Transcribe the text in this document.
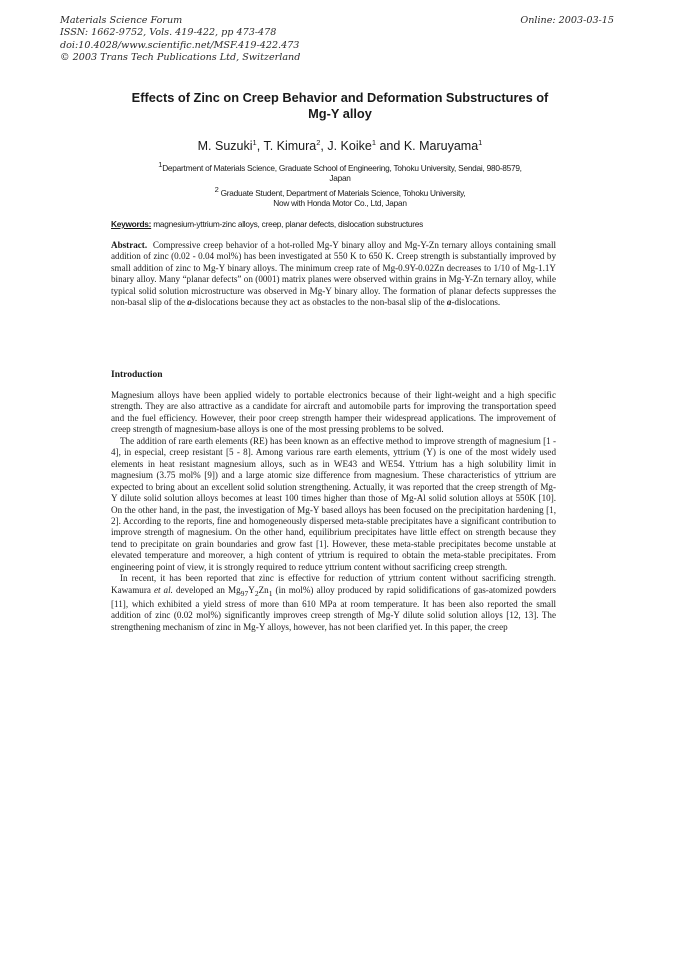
Materials Science Forum
ISSN: 1662-9752, Vols. 419-422, pp 473-478
doi:10.4028/www.scientific.net/MSF.419-422.473
© 2003 Trans Tech Publications Ltd, Switzerland
Online: 2003-03-15
Effects of Zinc on Creep Behavior and Deformation Substructures of
Mg-Y alloy
M. Suzuki$^1$, T. Kimura$^2$, J. Koike$^1$ and K. Maruyama$^1$
$^1$Department of Materials Science, Graduate School of Engineering, Tohoku University, Sendai, 980-8579,
Japan
$^2$ Graduate Student, Department of Materials Science, Tohoku University,
Now with Honda Motor Co., Ltd, Japan
Keywords: magnesium-yttrium-zinc alloys, creep, planar defects, dislocation substructures
Abstract. Compressive creep behavior of a hot-rolled Mg-Y binary alloy and Mg-Y-Zn ternary alloys containing small addition of zinc (0.02 - 0.04 mol%) has been investigated at 550 K to 650 K. Creep strength is substantially improved by small addition of zinc to Mg-Y binary alloys. The minimum creep rate of Mg-0.9Y-0.02Zn decreases to 1/10 of Mg-1.1Y binary alloy. Many “planar defects” on (0001) matrix planes were observed within grains in Mg-Y-Zn ternary alloy, while typical solid solution microstructure was observed in Mg-Y binary alloy. The formation of planar defects suppresses the non-basal slip of the a-dislocations because they act as obstacles to the non-basal slip of the a-dislocations.
Introduction

Magnesium alloys have been applied widely to portable electronics because of their light-weight and a high specific strength. They are also attractive as a candidate for aircraft and automobile parts for improving the transportation speed and the fuel efficiency. However, their poor creep strength hamper their widespread applications. The improvement of creep strength of magnesium-base alloys is one of the most pressing problems to be solved.

The addition of rare earth elements (RE) has been known as an effective method to improve strength of magnesium [1 - 4], in especial, creep resistant [5 - 8]. Among various rare earth elements, yttrium (Y) is one of the most widely used elements in heat resistant magnesium alloys, such as in WE43 and WE54. Yttrium has a high solubility limit in magnesium (3.75 mol% [9]) and a large atomic size difference from magnesium. These characteristics of yttrium are expected to bring about an excellent solid solution strengthening. Actually, it was reported that the creep strength of Mg-Y dilute solid solution alloys becomes at least 100 times higher than those of Mg-Al solid solution alloys at 550K [10]. On the other hand, in the past, the investigation of Mg-Y based alloys has been focused on the precipitation hardening [1, 2]. According to the reports, fine and homogeneously dispersed meta-stable precipitates have a significant contribution to improve strength of magnesium. On the other hand, equilibrium precipitates have little effect on strength because they tend to precipitate on grain boundaries and grow fast [1]. However, these meta-stable precipitates become unstable at elevated temperature and moreover, a high content of yttrium is required to obtain the meta-stable precipitates. From engineering point of view, it is strongly required to reduce yttrium content without sacrificing creep strength.

In recent, it has been reported that zinc is effective for reduction of yttrium content without sacrificing strength. Kawamura et al. developed an $Mg_{97}Y_2Zn_1$ (in mol%) alloy produced by rapid solidifications of gas-atomized powders [11], which exhibited a yield stress of more than 610 MPa at room temperature. It has been also reported the small addition of zinc (0.02 mol%) significantly improves creep strength of Mg-Y dilute solid solution alloys [12, 13]. The strengthening mechanism of zinc in Mg-Y alloys, however, has not been clarified yet. In this paper, the creep
